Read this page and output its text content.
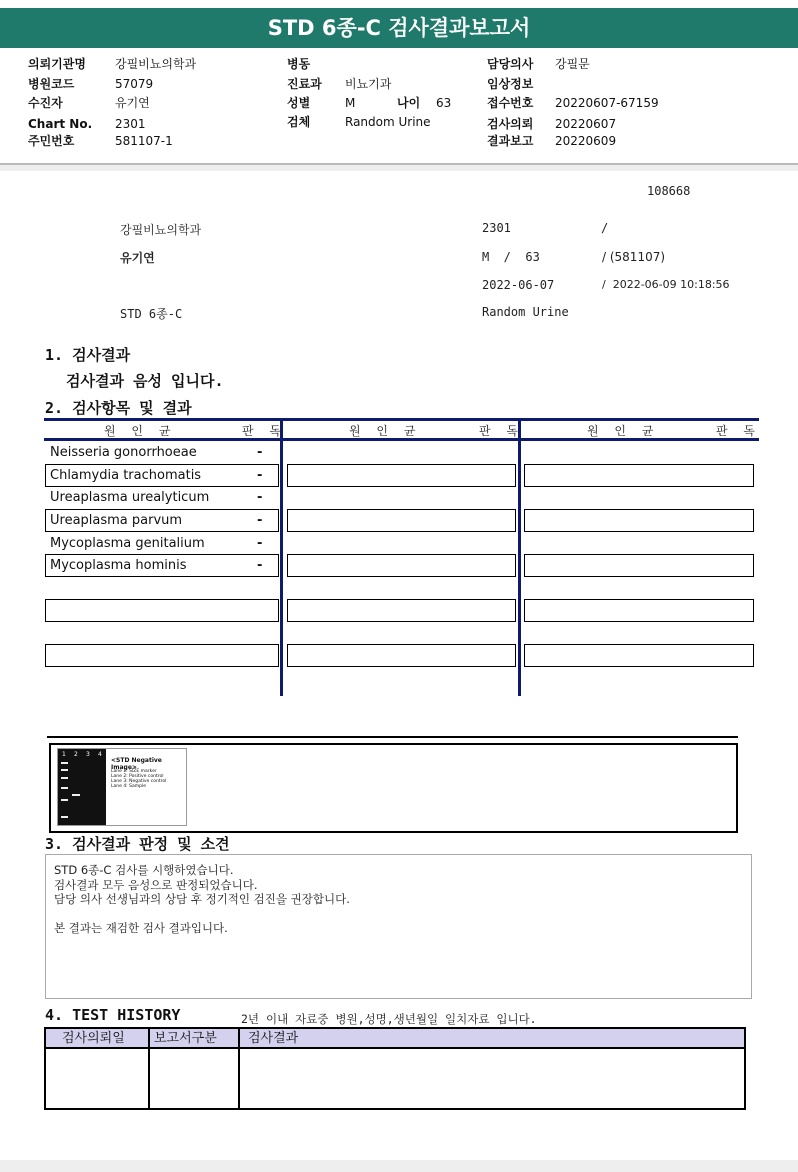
STD 6종-C 검사결과보고서
의뢰기관명 강필비뇨의학과
병원코드	57079
수진자	유기연
Chart No. 2301
주민번호	581107-1
병동
진료과 비뇨기과
성별	M	나이 63
검체	Random Urine
담당의사 강필문
임상정보
접수번호 20220607-67159
검사의뢰 20220607
결과보고 20220609
108668
강필비뇨의학과	2301	/
유기연	M  /  63	/ (581107)
2022-06-07	/  2022-06-09 10:18:56
STD 6종-C	Random Urine
1. 검사결과
검사결과 음성 입니다.
2. 검사항목 및 결과
원 인 균	판 독	원 인 균	판 독	원 인 균	판 독
Neisseria gonorrhoeae	-
Chlamydia trachomatis	-
Ureaplasma urealyticum	-
Ureaplasma parvum	-
Mycoplasma genitalium	-
Mycoplasma hominis	-
1 2 3 4
<STD Negative Image>
Lane 1: SIZE marker
Lane 2: Positive control
Lane 3: Negative control
Lane 4: Sample
3. 검사결과 판정 및 소견
STD 6종-C 검사를 시행하였습니다.
검사결과 모두 음성으로 판정되었습니다.
담당 의사 선생님과의 상담 후 정기적인 검진을 권장합니다.
본 결과는 재검한 검사 결과입니다.
4. TEST HISTORY	2년 이내 자료중 병원,성명,생년월일 일치자료 입니다.
검사의뢰일	보고서구분	검사결과
